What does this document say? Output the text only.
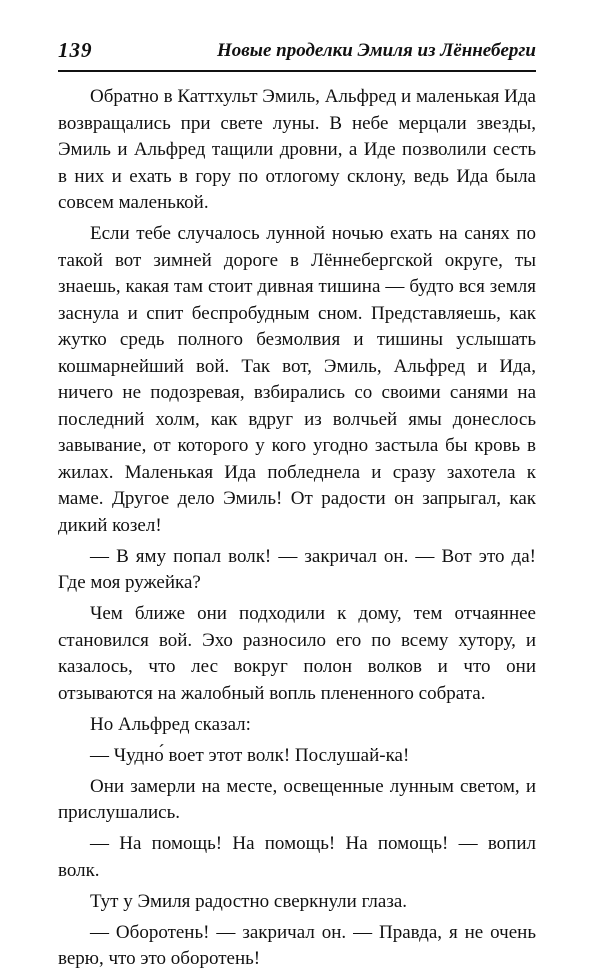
139	Новые проделки Эмиля из Лённеберги

Обратно в Каттхульт Эмиль, Альфред и маленькая Ида возвращались при свете луны. В небе мерцали звезды, Эмиль и Альфред тащили дровни, а Иде позволили сесть в них и ехать в гору по отлогому склону, ведь Ида была совсем маленькой.

Если тебе случалось лунной ночью ехать на санях по такой вот зимней дороге в Лённебергской округе, ты знаешь, какая там стоит дивная тишина — будто вся земля заснула и спит беспробудным сном. Представляешь, как жутко средь полного безмолвия и тишины услышать кошмарнейший вой. Так вот, Эмиль, Альфред и Ида, ничего не подозревая, взбирались со своими санями на последний холм, как вдруг из волчьей ямы донеслось завывание, от которого у кого угодно застыла бы кровь в жилах. Маленькая Ида побледнела и сразу захотела к маме. Другое дело Эмиль! От радости он запрыгал, как дикий козел!

— В яму попал волк! — закричал он. — Вот это да! Где моя ружейка?

Чем ближе они подходили к дому, тем отчаяннее становился вой. Эхо разносило его по всему хутору, и казалось, что лес вокруг полон волков и что они отзываются на жалобный вопль плененного собрата.

Но Альфред сказал:

— Чудно́ воет этот волк! Послушай-ка!

Они замерли на месте, освещенные лунным светом, и прислушались.

— На помощь! На помощь! На помощь! — вопил волк.

Тут у Эмиля радостно сверкнули глаза.

— Оборотень! — закричал он. — Правда, я не очень верю, что это оборотень!
